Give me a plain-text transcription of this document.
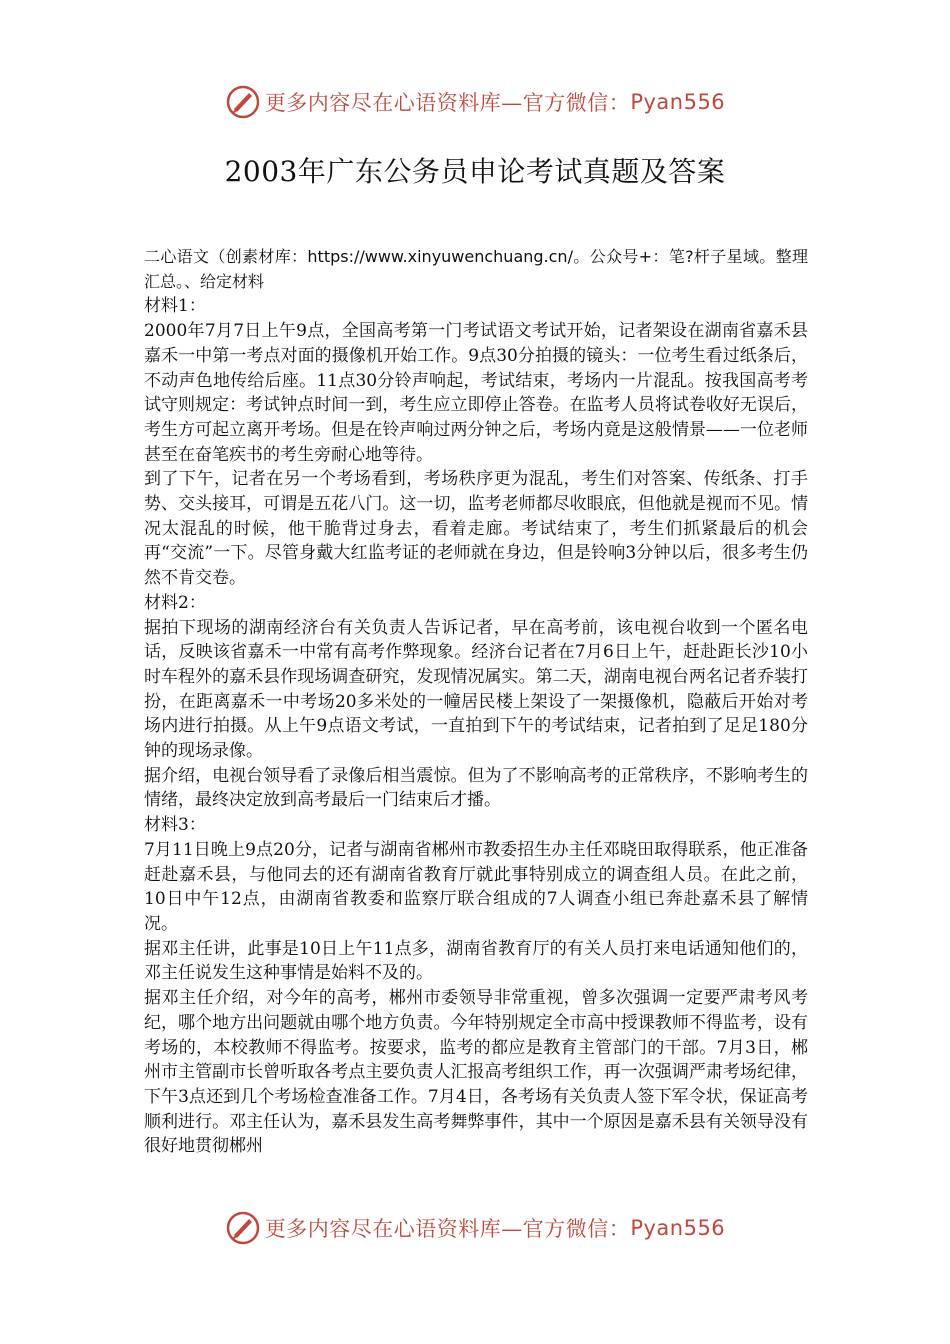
更多内容尽在心语资料库—官方微信： Pyan556
2003年广东公务员申论考试真题及答案

二心语文（创素材库：https://www.xinyuwenchuang.cn/。公众号+：笔?杆子星域。整理汇总。、给定材料

材料1：

2000年7月7日上午9点，全国高考第一门考试语文考试开始，记者架设在湖南省嘉禾县嘉禾一中第一考点对面的摄像机开始工作。9点30分拍摄的镜头：一位考生看过纸条后，不动声色地传给后座。11点30分铃声响起，考试结束，考场内一片混乱。按我国高考考试守则规定：考试钟点时间一到，考生应立即停止答卷。在监考人员将试卷收好无误后，考生方可起立离开考场。但是在铃声响过两分钟之后，考场内竟是这般情景——一位老师甚至在奋笔疾书的考生旁耐心地等待。

到了下午，记者在另一个考场看到，考场秩序更为混乱，考生们对答案、传纸条、打手势、交头接耳，可谓是五花八门。这一切，监考老师都尽收眼底，但他就是视而不见。情况太混乱的时候，他干脆背过身去，看着走廊。考试结束了，考生们抓紧最后的机会再“交流”一下。尽管身戴大红监考证的老师就在身边，但是铃响3分钟以后，很多考生仍然不肯交卷。

材料2：

据拍下现场的湖南经济台有关负责人告诉记者，早在高考前，该电视台收到一个匿名电话，反映该省嘉禾一中常有高考作弊现象。经济台记者在7月6日上午，赶赴距长沙10小时车程外的嘉禾县作现场调查研究，发现情况属实。第二天，湖南电视台两名记者乔装打扮，在距离嘉禾一中考场20多米处的一幢居民楼上架设了一架摄像机，隐蔽后开始对考场内进行拍摄。从上午9点语文考试，一直拍到下午的考试结束，记者拍到了足足180分钟的现场录像。

据介绍，电视台领导看了录像后相当震惊。但为了不影响高考的正常秩序，不影响考生的情绪，最终决定放到高考最后一门结束后才播。

材料3：

7月11日晚上9点20分，记者与湖南省郴州市教委招生办主任邓晓田取得联系，他正准备赶赴嘉禾县，与他同去的还有湖南省教育厅就此事特别成立的调查组人员。在此之前，10日中午12点，由湖南省教委和监察厅联合组成的7人调查小组已奔赴嘉禾县了解情况。

据邓主任讲，此事是10日上午11点多，湖南省教育厅的有关人员打来电话通知他们的，邓主任说发生这种事情是始料不及的。

据邓主任介绍，对今年的高考，郴州市委领导非常重视，曾多次强调一定要严肃考风考纪，哪个地方出问题就由哪个地方负责。今年特别规定全市高中授课教师不得监考，设有考场的，本校教师不得监考。按要求，监考的都应是教育主管部门的干部。7月3日，郴州市主管副市长曾听取各考点主要负责人汇报高考组织工作，再一次强调严肃考场纪律，下午3点还到几个考场检查准备工作。7月4日，各考场有关负责人签下军令状，保证高考顺利进行。邓主任认为，嘉禾县发生高考舞弊事件，其中一个原因是嘉禾县有关领导没有很好地贯彻郴州

更多内容尽在心语资料库—官方微信： Pyan556
